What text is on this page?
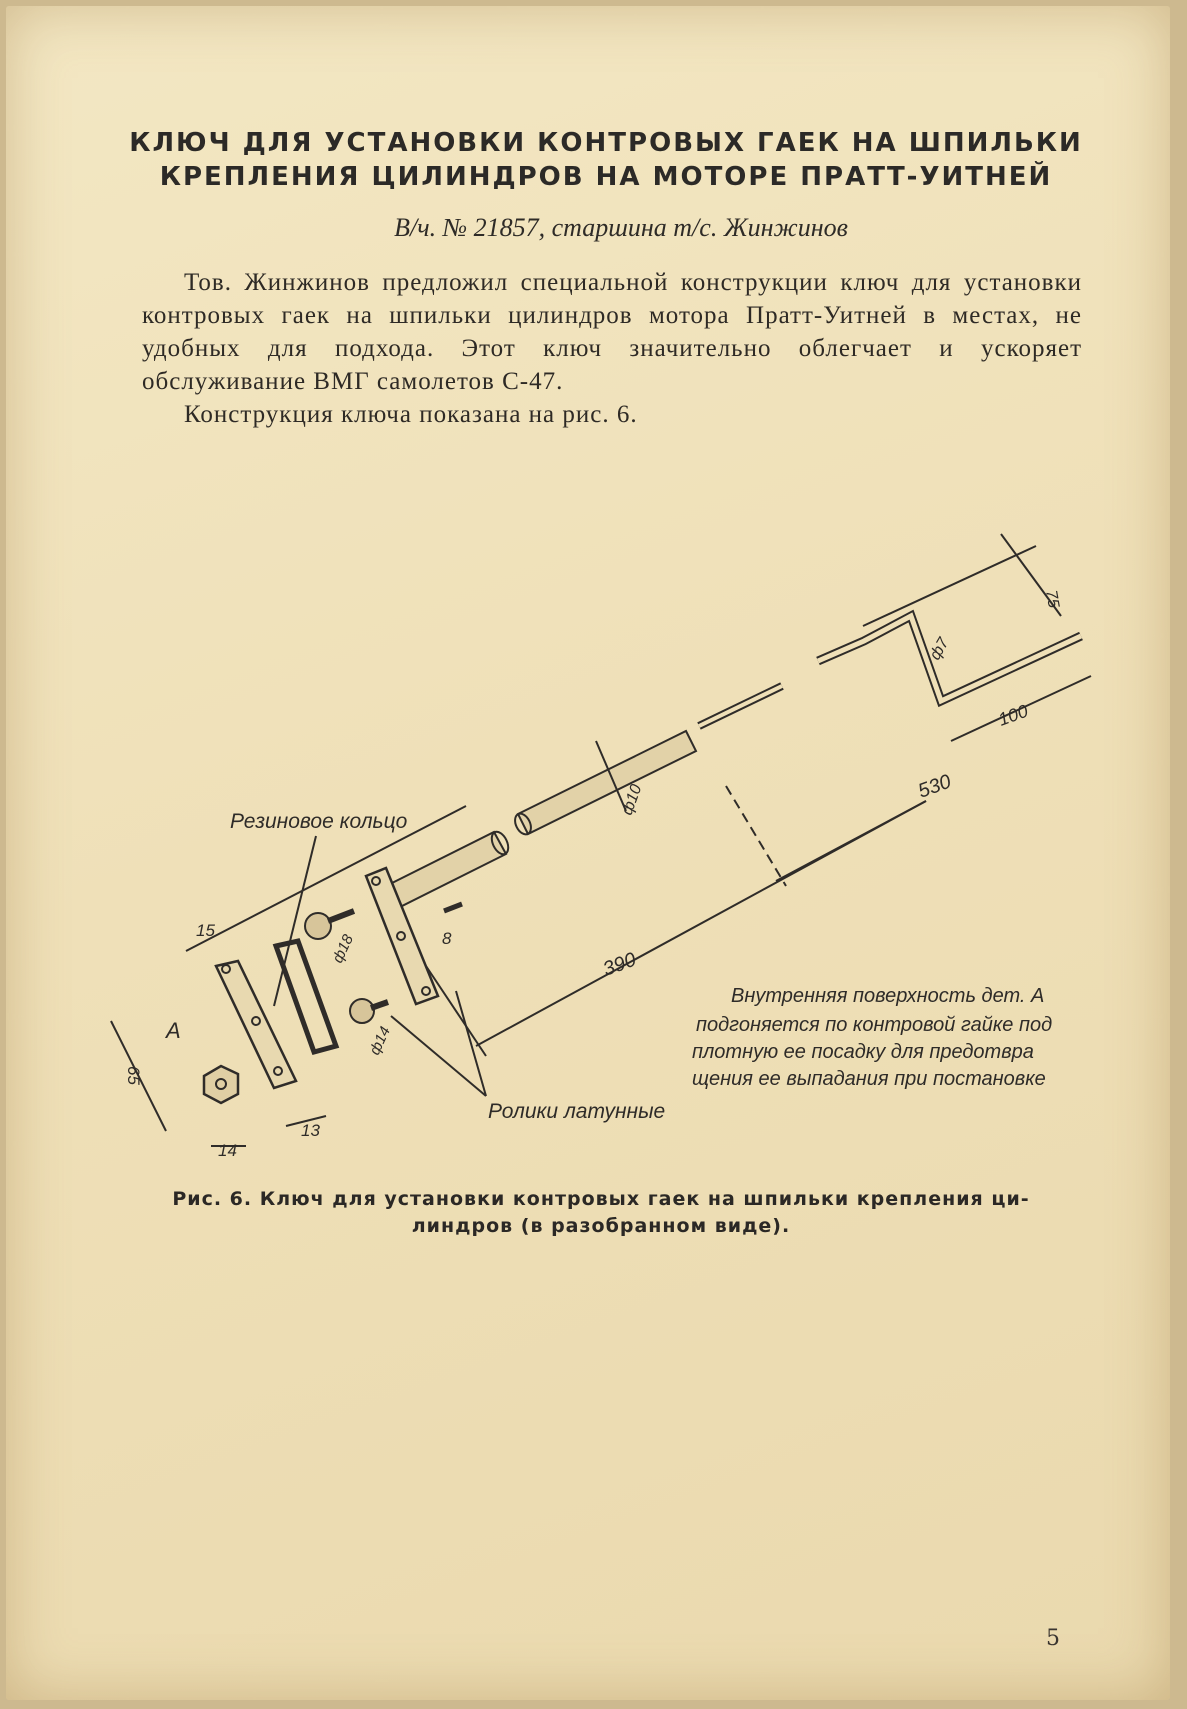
КЛЮЧ ДЛЯ УСТАНОВКИ КОНТРОВЫХ ГАЕК НА ШПИЛЬКИ
КРЕПЛЕНИЯ ЦИЛИНДРОВ НА МОТОРЕ ПРАТТ-УИТНЕЙ
В/ч. № 21857, старшина т/с. Жинжинов

Тов. Жинжинов предложил специальной конструкции ключ для установки контровых гаек на шпильки цилиндров мотора Пратт-Уитней в местах, не удобных для подхода. Этот ключ значительно облегчает и ускоряет обслуживание ВМГ самолетов С-47.

Конструкция ключа показана на рис. 6.

Резиновое кольцо
Ролики латунные
А
Внутренняя поверхность дет. А
подгоняется по контровой гайке под
плотную ее посадку для предотвра
щения ее выпадания при постановке
75
ф7
100
530
ф10
390
ф18	8
ф14
15
65
13
14
Рис. 6. Ключ для установки контровых гаек на шпильки крепления ци-
линдров (в разобранном виде).
5
